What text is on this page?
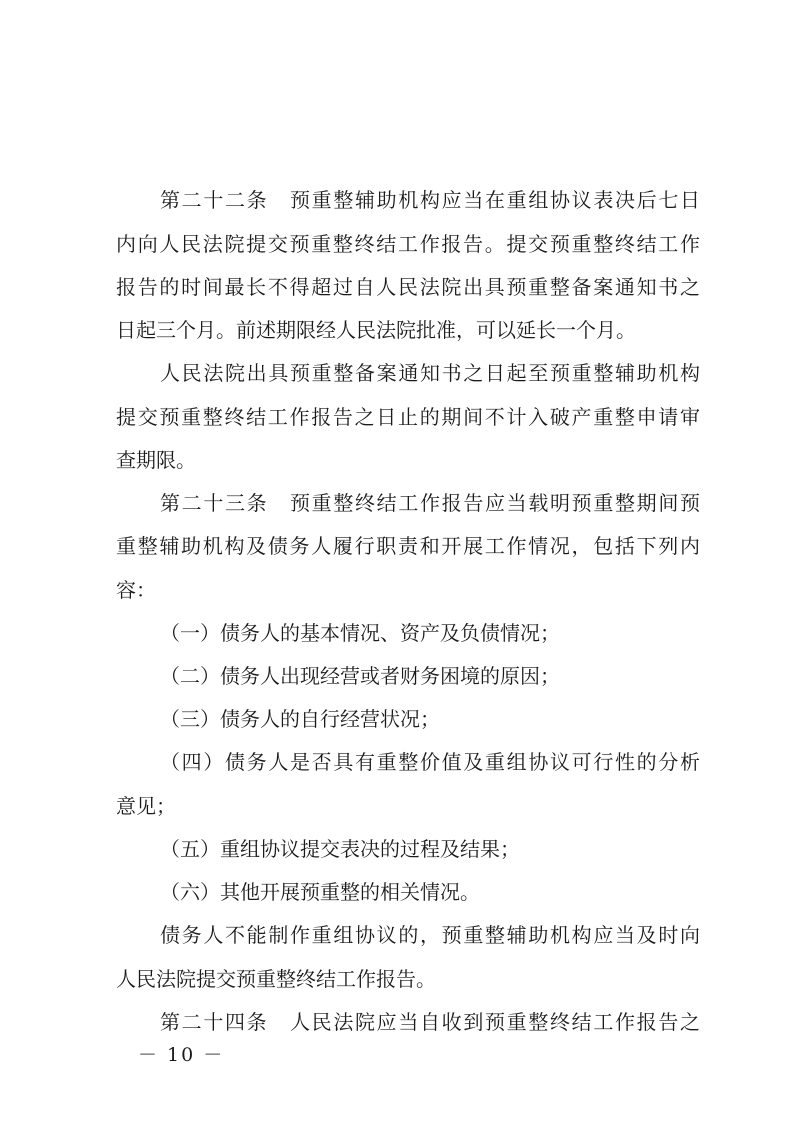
第二十二条　预重整辅助机构应当在重组协议表决后七日
内向人民法院提交预重整终结工作报告。提交预重整终结工作
报告的时间最长不得超过自人民法院出具预重整备案通知书之
日起三个月。前述期限经人民法院批准，可以延长一个月。
人民法院出具预重整备案通知书之日起至预重整辅助机构
提交预重整终结工作报告之日止的期间不计入破产重整申请审
查期限。
第二十三条　预重整终结工作报告应当载明预重整期间预
重整辅助机构及债务人履行职责和开展工作情况，包括下列内
容：
（一）债务人的基本情况、资产及负债情况；
（二）债务人出现经营或者财务困境的原因；
（三）债务人的自行经营状况；
（四）债务人是否具有重整价值及重组协议可行性的分析
意见；
（五）重组协议提交表决的过程及结果；
（六）其他开展预重整的相关情况。
债务人不能制作重组协议的，预重整辅助机构应当及时向
人民法院提交预重整终结工作报告。
第二十四条　人民法院应当自收到预重整终结工作报告之
－ 10 －
